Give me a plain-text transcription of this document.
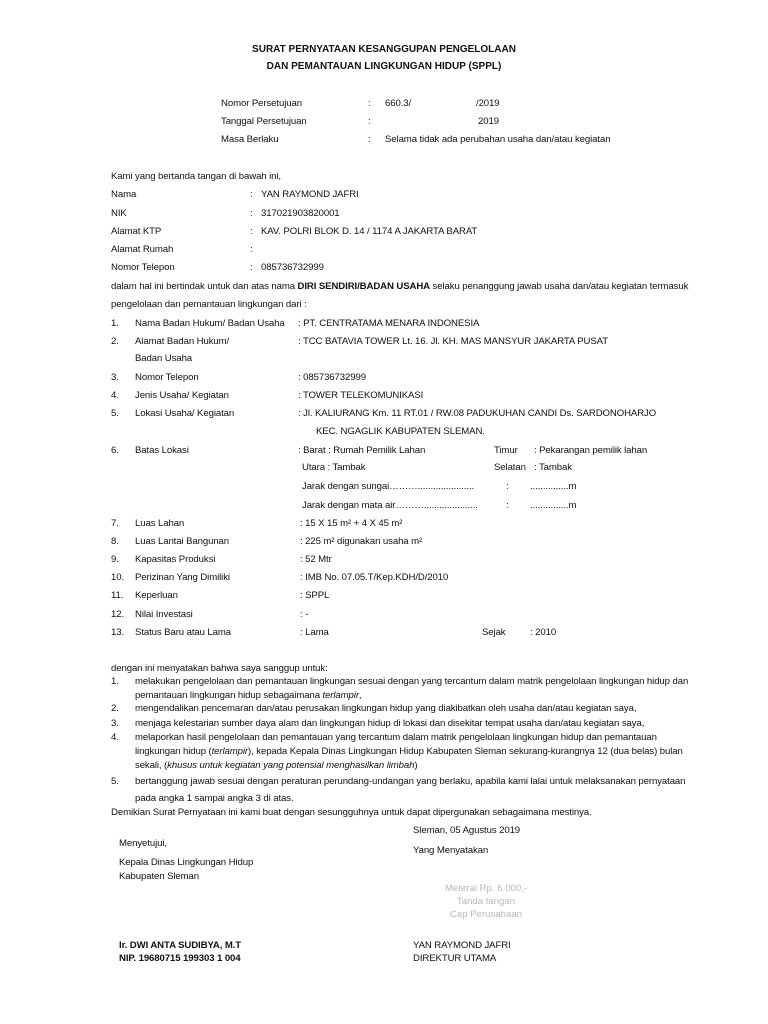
SURAT PERNYATAAN KESANGGUPAN PENGELOLAAN
DAN PEMANTAUAN LINGKUNGAN HIDUP (SPPL)
Nomor Persetujuan	: 660.3/	/2019
Tanggal Persetujuan	:	2019
Masa Berlaku	: Selama tidak ada perubahan usaha dan/atau kegiatan
Kami yang bertanda tangan di bawah ini,
Nama	: YAN RAYMOND JAFRI
NIK	: 317021903820001
Alamat KTP	: KAV. POLRI BLOK D. 14 / 1174 A JAKARTA BARAT
Alamat Rumah	:
Nomor Telepon	: 085736732999
dalam hal ini bertindak untuk dan atas nama DIRI SENDIRI/BADAN USAHA selaku penanggung jawab usaha dan/atau kegiatan termasuk
pengelolaan dan pemantauan lingkungan dari :
1.	Nama Badan Hukum/ Badan Usaha : PT. CENTRATAMA MENARA INDONESIA
2.	Alamat Badan Hukum/
Badan Usaha
: TCC BATAVIA TOWER Lt. 16. Jl. KH. MAS MANSYUR JAKARTA PUSAT
3.	Nomor Telepon	: 085736732999
4.	Jenis Usaha/ Kegiatan	: TOWER TELEKOMUNIKASI
5.	Lokasi Usaha/ Kegiatan	: Jl. KALIURANG Km. 11 RT.01 / RW.08 PADUKUHAN CANDI Ds. SARDONOHARJO
KEC. NGAGLIK KABUPATEN SLEMAN.
6.	Batas Lokasi	: Barat : Rumah Pemilik Lahan	Timur : Pekarangan pemilik lahan
Utara : Tambak	Selatan : Tambak
Jarak dengan sungai………......................	: ...............m
Jarak dengan mata air……….....................	: ...............m
7.	Luas Lahan	: 15 X 15 m² + 4 X 45 m²
8.	Luas Lantai Bangunan	: 225 m² digunakan usaha m²
9.	Kapasitas Produksi	: 52 Mtr
10.	Perizinan Yang Dimiliki	: IMB No. 07.05.T/Kep.KDH/D/2010
11.	Keperluan	: SPPL
12.	Nilai Investasi	: -
13.	Status Baru atau Lama	: Lama	Sejak	: 2010
dengan ini menyatakan bahwa saya sanggup untuk:
1.	melakukan pengelolaan dan pemantauan lingkungan sesuai dengan yang tercantum dalam matrik pengelolaan lingkungan hidup dan
pemantauan lingkungan hidup sebagaimana terlampir,
2.	mengendalikan pencemaran dan/atau perusakan lingkungan hidup yang diakibatkan oleh usaha dan/atau kegiatan saya,
3.	menjaga kelestarian sumber daya alam dan lingkungan hidup di lokasi dan disekitar tempat usaha dan/atau kegiatan saya,
4.	melaporkan hasil pengelolaan dan pemantauan yang tercantum dalam matrik pengelolaan lingkungan hidup dan pemantauan
lingkungan hidup (terlampir), kepada Kepala Dinas Lingkungan Hidup Kabupaten Sleman sekurang-kurangnya 12 (dua belas) bulan
sekali, (khusus untuk kegiatan yang potensial menghasilkan limbah)
5.	bertanggung jawab sesuai dengan peraturan perundang-undangan yang berlaku, apabila kami lalai untuk melaksanakan pernyataan
pada angka 1 sampai angka 3 di atas.
Demikian Surat Pernyataan ini kami buat dengan sesungguhnya untuk dapat dipergunakan sebagaimana mestinya.
Sleman, 05 Agustus 2019
Yang Menyatakan
Menyetujui,
Kepala Dinas Lingkungan Hidup
Kabupaten Sleman
Meterai Rp. 6.000,-
Tanda tangan
Cap Perusahaan
Ir. DWI ANTA SUDIBYA, M.T
NIP. 19680715 199303 1 004
YAN RAYMOND JAFRI
DIREKTUR UTAMA
